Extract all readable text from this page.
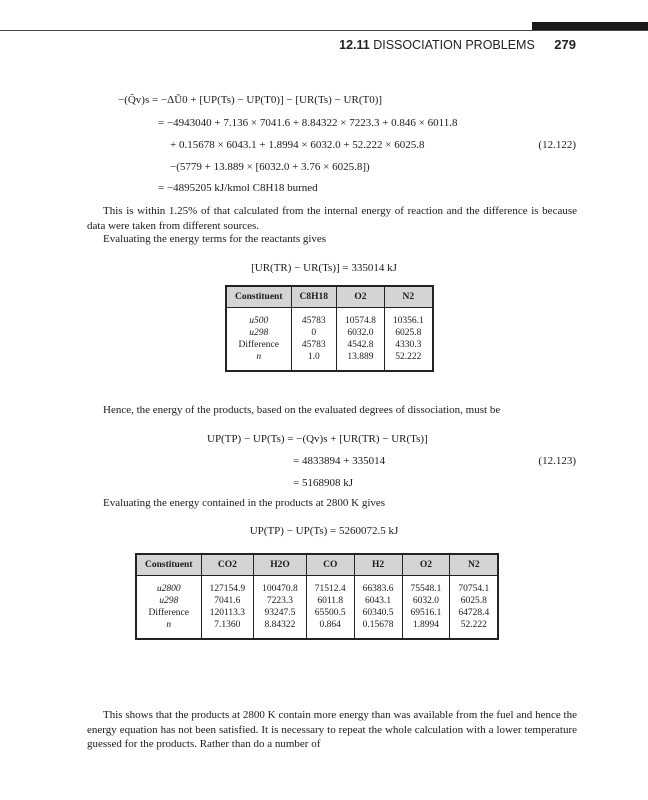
12.11 DISSOCIATION PROBLEMS 279
−(Q̃v)s = −ΔŨ0 + [UP(Ts) − UP(T0)] − [UR(Ts) − UR(T0)]
= −4943040 + 7.136 × 7041.6 + 8.84322 × 7223.3 + 0.846 × 6011.8
+ 0.15678 × 6043.1 + 1.8994 × 6032.0 + 52.222 × 6025.8	(12.122)
−(5779 + 13.889 × [6032.0 + 3.76 × 6025.8])
= −4895205 kJ/kmol C8H18 burned
This is within 1.25% of that calculated from the internal energy of reaction and the difference is because data were taken from different sources.
Evaluating the energy terms for the reactants gives
[UR(TR) − UR(Ts)] = 335014 kJ
Constituent	C8H18	O2	N2
u500	45783	10574.8	10356.1
u298	0	6032.0	6025.8
Difference	45783	4542.8	4330.3
n	1.0	13.889	52.222
Hence, the energy of the products, based on the evaluated degrees of dissociation, must be
UP(TP) − UP(Ts) = −(Qv)s + [UR(TR) − UR(Ts)]
= 4833894 + 335014	(12.123)
= 5168908 kJ
Evaluating the energy contained in the products at 2800 K gives
UP(TP) − UP(Ts) = 5260072.5 kJ
Constituent	CO2	H2O	CO	H2	O2	N2
u2800	127154.9	100470.8	71512.4	66383.6	75548.1	70754.1
u298	7041.6	7223.3	6011.8	6043.1	6032.0	6025.8
Difference	120113.3	93247.5	65500.5	60340.5	69516.1	64728.4
n	7.1360	8.84322	0.864	0.15678	1.8994	52.222
This shows that the products at 2800 K contain more energy than was available from the fuel and hence the energy equation has not been satisfied. It is necessary to repeat the whole calculation with a lower temperature guessed for the products. Rather than do a number of
